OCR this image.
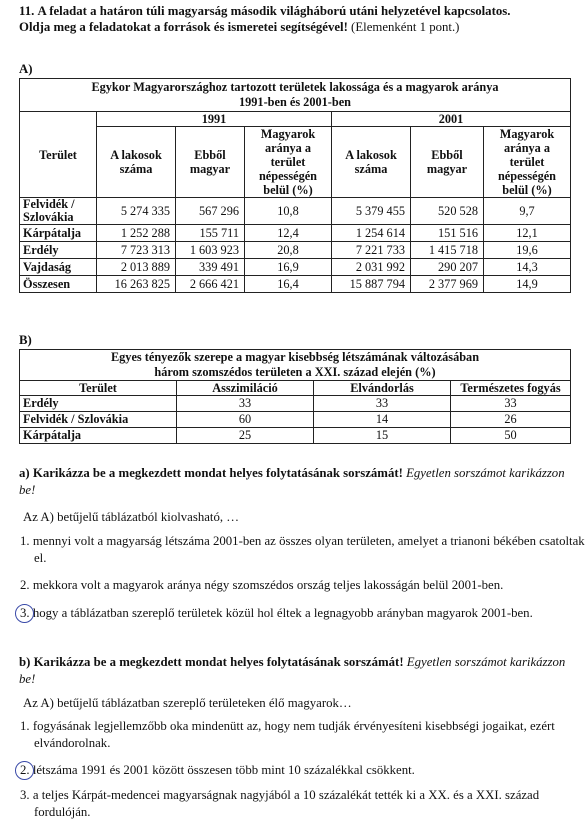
11. A feladat a határon túli magyarság második világháború utáni helyzetével kapcsolatos.
Oldja meg a feladatokat a források és ismeretei segítségével! (Elemenként 1 pont.)
A)
Egykor Magyarországhoz tartozott területek lakossága és a magyarok aránya
1991-ben és 2001-ben						
Terület	1991			2001		
	A lakosok száma	Ebből magyar	Magyarok aránya a terület népességén belül (%)	A lakosok száma	Ebből magyar	Magyarok aránya a terület népességén belül (%)
Felvidék / Szlovákia	5 274 335	567 296	10,8	5 379 455	520 528	9,7
Kárpátalja	1 252 288	155 711	12,4	1 254 614	151 516	12,1
Erdély	7 723 313	1 603 923	20,8	7 221 733	1 415 718	19,6
Vajdaság	2 013 889	339 491	16,9	2 031 992	290 207	14,3
Összesen	16 263 825	2 666 421	16,4	15 887 794	2 377 969	14,9
B)
Egyes tényezők szerepe a magyar kisebbség létszámának változásában
három szomszédos területen a XXI. század elején (%)			
Terület	Asszimiláció	Elvándorlás	Természetes fogyás
Erdély	33	33	33
Felvidék / Szlovákia	60	14	26
Kárpátalja	25	15	50
a) Karikázza be a megkezdett mondat helyes folytatásának sorszámát! Egyetlen sorszámot karikázzon be!
Az A) betűjelű táblázatból kiolvasható, …
1. mennyi volt a magyarság létszáma 2001-ben az összes olyan területen, amelyet a trianoni békében csatoltak el.
2. mekkora volt a magyarok aránya négy szomszédos ország teljes lakosságán belül 2001-ben.
3. hogy a táblázatban szereplő területek közül hol éltek a legnagyobb arányban magyarok 2001-ben.
b) Karikázza be a megkezdett mondat helyes folytatásának sorszámát! Egyetlen sorszámot karikázzon be!
Az A) betűjelű táblázatban szereplő területeken élő magyarok…
1. fogyásának legjellemzőbb oka mindenütt az, hogy nem tudják érvényesíteni kisebbségi jogaikat, ezért elvándorolnak.
2. létszáma 1991 és 2001 között összesen több mint 10 százalékkal csökkent.
3. a teljes Kárpát-medencei magyarságnak nagyjából a 10 százalékát tették ki a XX. és a XXI. század fordulóján.
